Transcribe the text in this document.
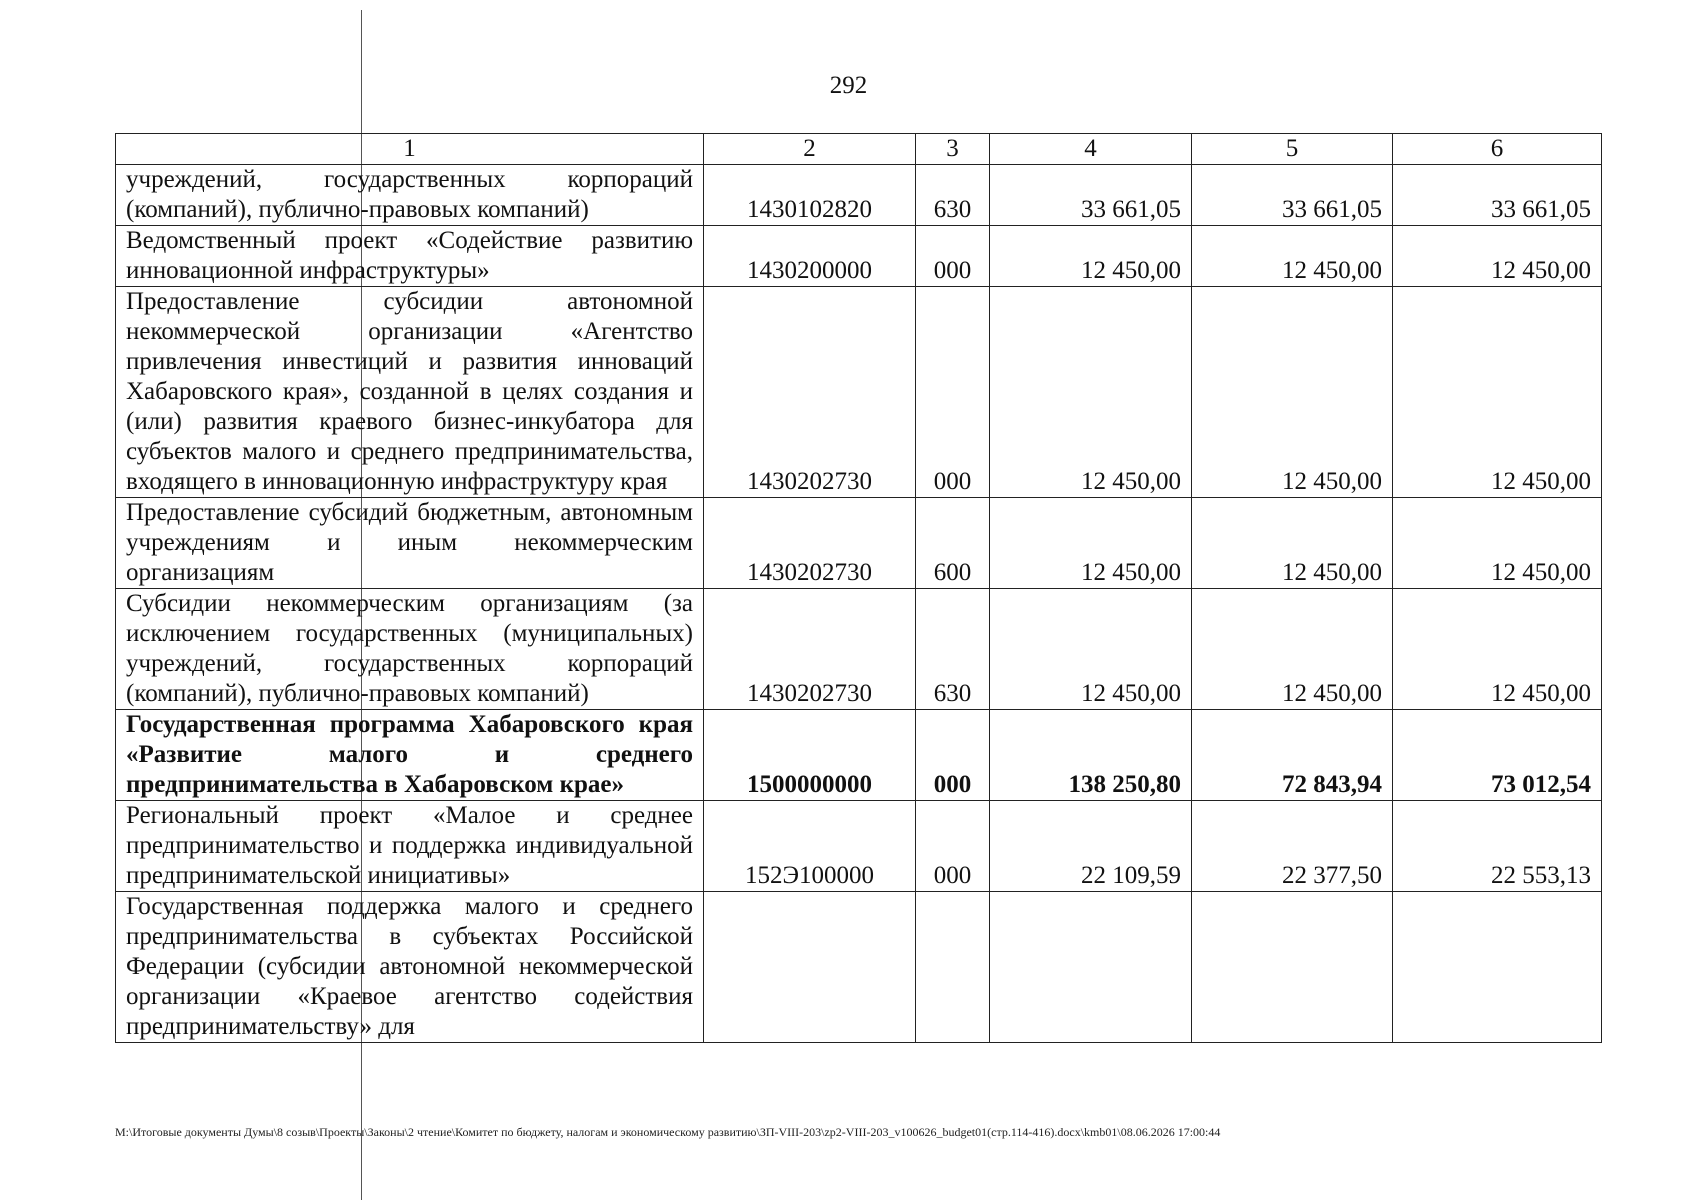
292
1	2	3	4	5	6
учреждений, государственных корпораций (компаний), публично-правовых компаний)	1430102820	630	33 661,05	33 661,05	33 661,05
Ведомственный проект «Содействие развитию инновационной инфраструктуры»	1430200000	000	12 450,00	12 450,00	12 450,00
Предоставление субсидии автономной некоммерческой организации «Агентство привлечения инвестиций и развития инноваций Хабаровского края», созданной в целях создания и (или) развития краевого бизнес-инкубатора для субъектов малого и среднего предпринимательства, входящего в инновационную инфраструктуру края	1430202730	000	12 450,00	12 450,00	12 450,00
Предоставление субсидий бюджетным, автономным учреждениям и иным некоммерческим организациям	1430202730	600	12 450,00	12 450,00	12 450,00
Субсидии некоммерческим организациям (за исключением государственных (муниципальных) учреждений, государственных корпораций (компаний), публично-правовых компаний)	1430202730	630	12 450,00	12 450,00	12 450,00
Государственная программа Хабаровского края «Развитие малого и среднего предпринимательства в Хабаровском крае»	1500000000	000	138 250,80	72 843,94	73 012,54
Региональный проект «Малое и среднее предпринимательство и поддержка индивидуальной предпринимательской инициативы»	152Э100000	000	22 109,59	22 377,50	22 553,13
Государственная поддержка малого и среднего предпринимательства в субъектах Российской Федерации (субсидии автономной некоммерческой организации «Краевое агентство содействия предпринимательству» для					
М:\Итоговые документы Думы\8 созыв\Проекты\Законы\2 чтение\Комитет по бюджету, налогам и экономическому развитию\ЗП-VIII-203\zp2-VIII-203_v100626_budget01(стр.114-416).docx\kmb01\08.06.2026 17:00:44
